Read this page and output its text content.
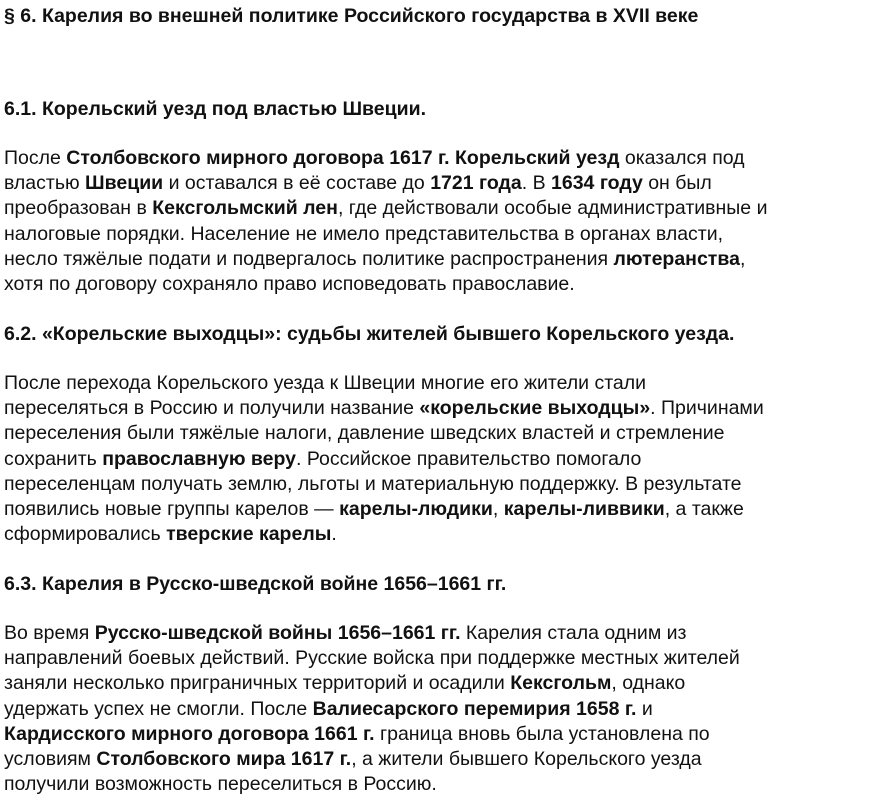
§ 6. Карелия во внешней политике Российского государства в XVII веке
6.1. Корельский уезд под властью Швеции.
После Столбовского мирного договора 1617 г. Корельский уезд оказался под
властью Швеции и оставался в её составе до 1721 года. В 1634 году он был
преобразован в Кексгольмский лен, где действовали особые административные и
налоговые порядки. Население не имело представительства в органах власти,
несло тяжёлые подати и подвергалось политике распространения лютеранства,
хотя по договору сохраняло право исповедовать православие.
6.2. «Корельские выходцы»: судьбы жителей бывшего Корельского уезда.
После перехода Корельского уезда к Швеции многие его жители стали
переселяться в Россию и получили название «корельские выходцы». Причинами
переселения были тяжёлые налоги, давление шведских властей и стремление
сохранить православную веру. Российское правительство помогало
переселенцам получать землю, льготы и материальную поддержку. В результате
появились новые группы карелов — карелы-людики, карелы-ливвики, а также
сформировались тверские карелы.
6.3. Карелия в Русско-шведской войне 1656–1661 гг.
Во время Русско-шведской войны 1656–1661 гг. Карелия стала одним из
направлений боевых действий. Русские войска при поддержке местных жителей
заняли несколько приграничных территорий и осадили Кексгольм, однако
удержать успех не смогли. После Валиесарского перемирия 1658 г. и
Кардисского мирного договора 1661 г. граница вновь была установлена по
условиям Столбовского мира 1617 г., а жители бывшего Корельского уезда
получили возможность переселиться в Россию.
